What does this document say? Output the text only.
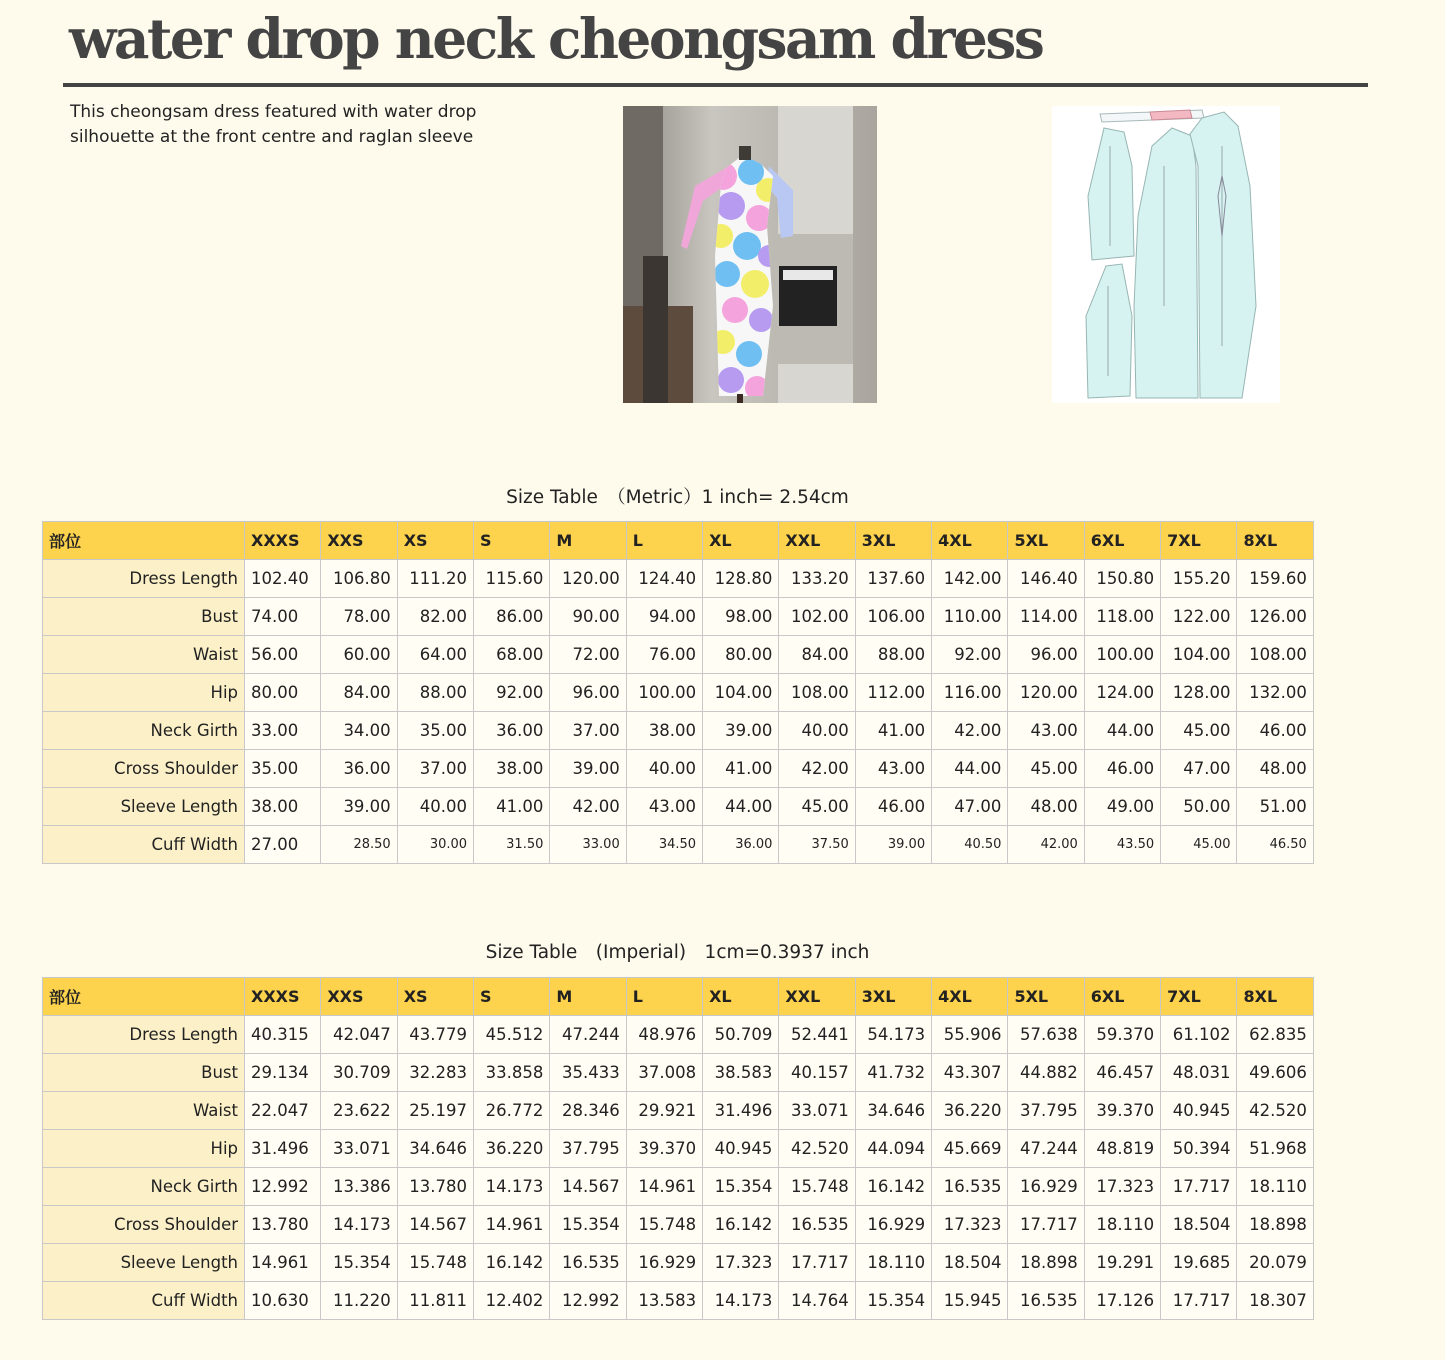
water drop neck cheongsam dress
This cheongsam dress featured with water drop silhouette at the front centre and raglan sleeve
Size Table　（Metric）1 inch= 2.54cm
部位	XXXS	XXS	XS	S	M	L	XL	XXL	3XL	4XL	5XL	6XL	7XL	8XL
Dress Length	102.40	106.80	111.20	115.60	120.00	124.40	128.80	133.20	137.60	142.00	146.40	150.80	155.20	159.60
Bust	74.00	78.00	82.00	86.00	90.00	94.00	98.00	102.00	106.00	110.00	114.00	118.00	122.00	126.00
Waist	56.00	60.00	64.00	68.00	72.00	76.00	80.00	84.00	88.00	92.00	96.00	100.00	104.00	108.00
Hip	80.00	84.00	88.00	92.00	96.00	100.00	104.00	108.00	112.00	116.00	120.00	124.00	128.00	132.00
Neck Girth	33.00	34.00	35.00	36.00	37.00	38.00	39.00	40.00	41.00	42.00	43.00	44.00	45.00	46.00
Cross Shoulder	35.00	36.00	37.00	38.00	39.00	40.00	41.00	42.00	43.00	44.00	45.00	46.00	47.00	48.00
Sleeve Length	38.00	39.00	40.00	41.00	42.00	43.00	44.00	45.00	46.00	47.00	48.00	49.00	50.00	51.00
Cuff Width	27.00	28.50	30.00	31.50	33.00	34.50	36.00	37.50	39.00	40.50	42.00	43.50	45.00	46.50
Size Table　(Imperial)　1cm=0.3937 inch
部位	XXXS	XXS	XS	S	M	L	XL	XXL	3XL	4XL	5XL	6XL	7XL	8XL
Dress Length	40.315	42.047	43.779	45.512	47.244	48.976	50.709	52.441	54.173	55.906	57.638	59.370	61.102	62.835
Bust	29.134	30.709	32.283	33.858	35.433	37.008	38.583	40.157	41.732	43.307	44.882	46.457	48.031	49.606
Waist	22.047	23.622	25.197	26.772	28.346	29.921	31.496	33.071	34.646	36.220	37.795	39.370	40.945	42.520
Hip	31.496	33.071	34.646	36.220	37.795	39.370	40.945	42.520	44.094	45.669	47.244	48.819	50.394	51.968
Neck Girth	12.992	13.386	13.780	14.173	14.567	14.961	15.354	15.748	16.142	16.535	16.929	17.323	17.717	18.110
Cross Shoulder	13.780	14.173	14.567	14.961	15.354	15.748	16.142	16.535	16.929	17.323	17.717	18.110	18.504	18.898
Sleeve Length	14.961	15.354	15.748	16.142	16.535	16.929	17.323	17.717	18.110	18.504	18.898	19.291	19.685	20.079
Cuff Width	10.630	11.220	11.811	12.402	12.992	13.583	14.173	14.764	15.354	15.945	16.535	17.126	17.717	18.307
